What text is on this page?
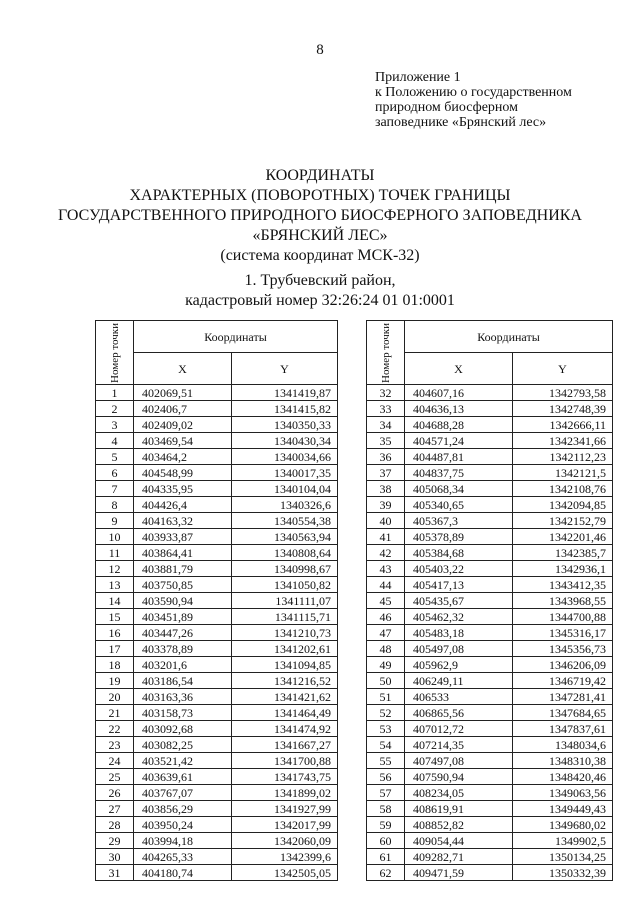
8
Приложение 1
к Положению о государственном
природном биосферном
заповеднике «Брянский лес»
КООРДИНАТЫ
ХАРАКТЕРНЫХ (ПОВОРОТНЫХ) ТОЧЕК ГРАНИЦЫ
ГОСУДАРСТВЕННОГО ПРИРОДНОГО БИОСФЕРНОГО ЗАПОВЕДНИКА
«БРЯНСКИЙ ЛЕС»
(система координат МСК-32)
1. Трубчевский район,
кадастровый номер 32:26:24 01 01:0001
Номер точки	Координаты	
	X	Y
1	402069,51	1341419,87
2	402406,7	1341415,82
3	402409,02	1340350,33
4	403469,54	1340430,34
5	403464,2	1340034,66
6	404548,99	1340017,35
7	404335,95	1340104,04
8	404426,4	1340326,6
9	404163,32	1340554,38
10	403933,87	1340563,94
11	403864,41	1340808,64
12	403881,79	1340998,67
13	403750,85	1341050,82
14	403590,94	1341111,07
15	403451,89	1341115,71
16	403447,26	1341210,73
17	403378,89	1341202,61
18	403201,6	1341094,85
19	403186,54	1341216,52
20	403163,36	1341421,62
21	403158,73	1341464,49
22	403092,68	1341474,92
23	403082,25	1341667,27
24	403521,42	1341700,88
25	403639,61	1341743,75
26	403767,07	1341899,02
27	403856,29	1341927,99
28	403950,24	1342017,99
29	403994,18	1342060,09
30	404265,33	1342399,6
31	404180,74	1342505,05
Номер точки	Координаты	
	X	Y
32	404607,16	1342793,58
33	404636,13	1342748,39
34	404688,28	1342666,11
35	404571,24	1342341,66
36	404487,81	1342112,23
37	404837,75	1342121,5
38	405068,34	1342108,76
39	405340,65	1342094,85
40	405367,3	1342152,79
41	405378,89	1342201,46
42	405384,68	1342385,7
43	405403,22	1342936,1
44	405417,13	1343412,35
45	405435,67	1343968,55
46	405462,32	1344700,88
47	405483,18	1345316,17
48	405497,08	1345356,73
49	405962,9	1346206,09
50	406249,11	1346719,42
51	406533	1347281,41
52	406865,56	1347684,65
53	407012,72	1347837,61
54	407214,35	1348034,6
55	407497,08	1348310,38
56	407590,94	1348420,46
57	408234,05	1349063,56
58	408619,91	1349449,43
59	408852,82	1349680,02
60	409054,44	1349902,5
61	409282,71	1350134,25
62	409471,59	1350332,39
